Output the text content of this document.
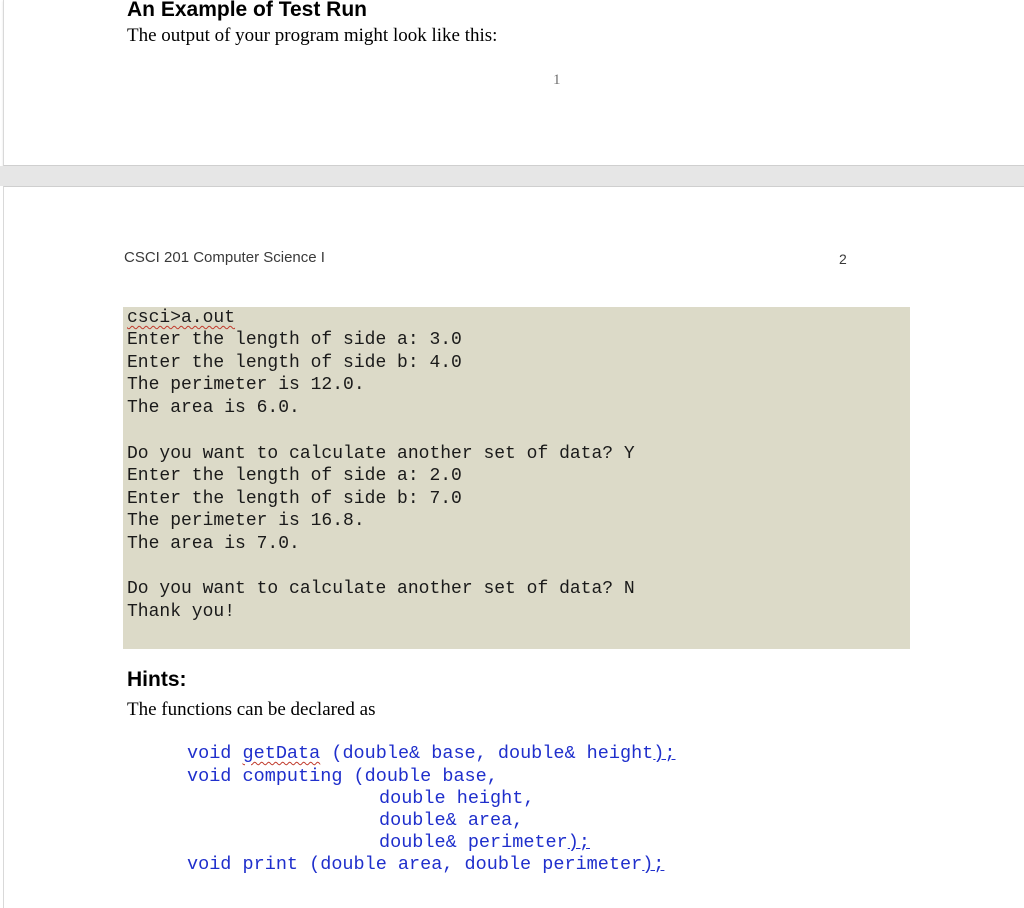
An Example of Test Run
The output of your program might look like this:
1
CSCI 201 Computer Science I	2
csci>a.out
Enter the length of side a: 3.0
Enter the length of side b: 4.0
The perimeter is 12.0.
The area is 6.0.
Do you want to calculate another set of data? Y
Enter the length of side a: 2.0
Enter the length of side b: 7.0
The perimeter is 16.8.
The area is 7.0.
Do you want to calculate another set of data? N
Thank you!
Hints:
The functions can be declared as
void getData (double& base, double& height);
void computing (double base,
double height,
double& area,
double& perimeter);
void print (double area, double perimeter);
